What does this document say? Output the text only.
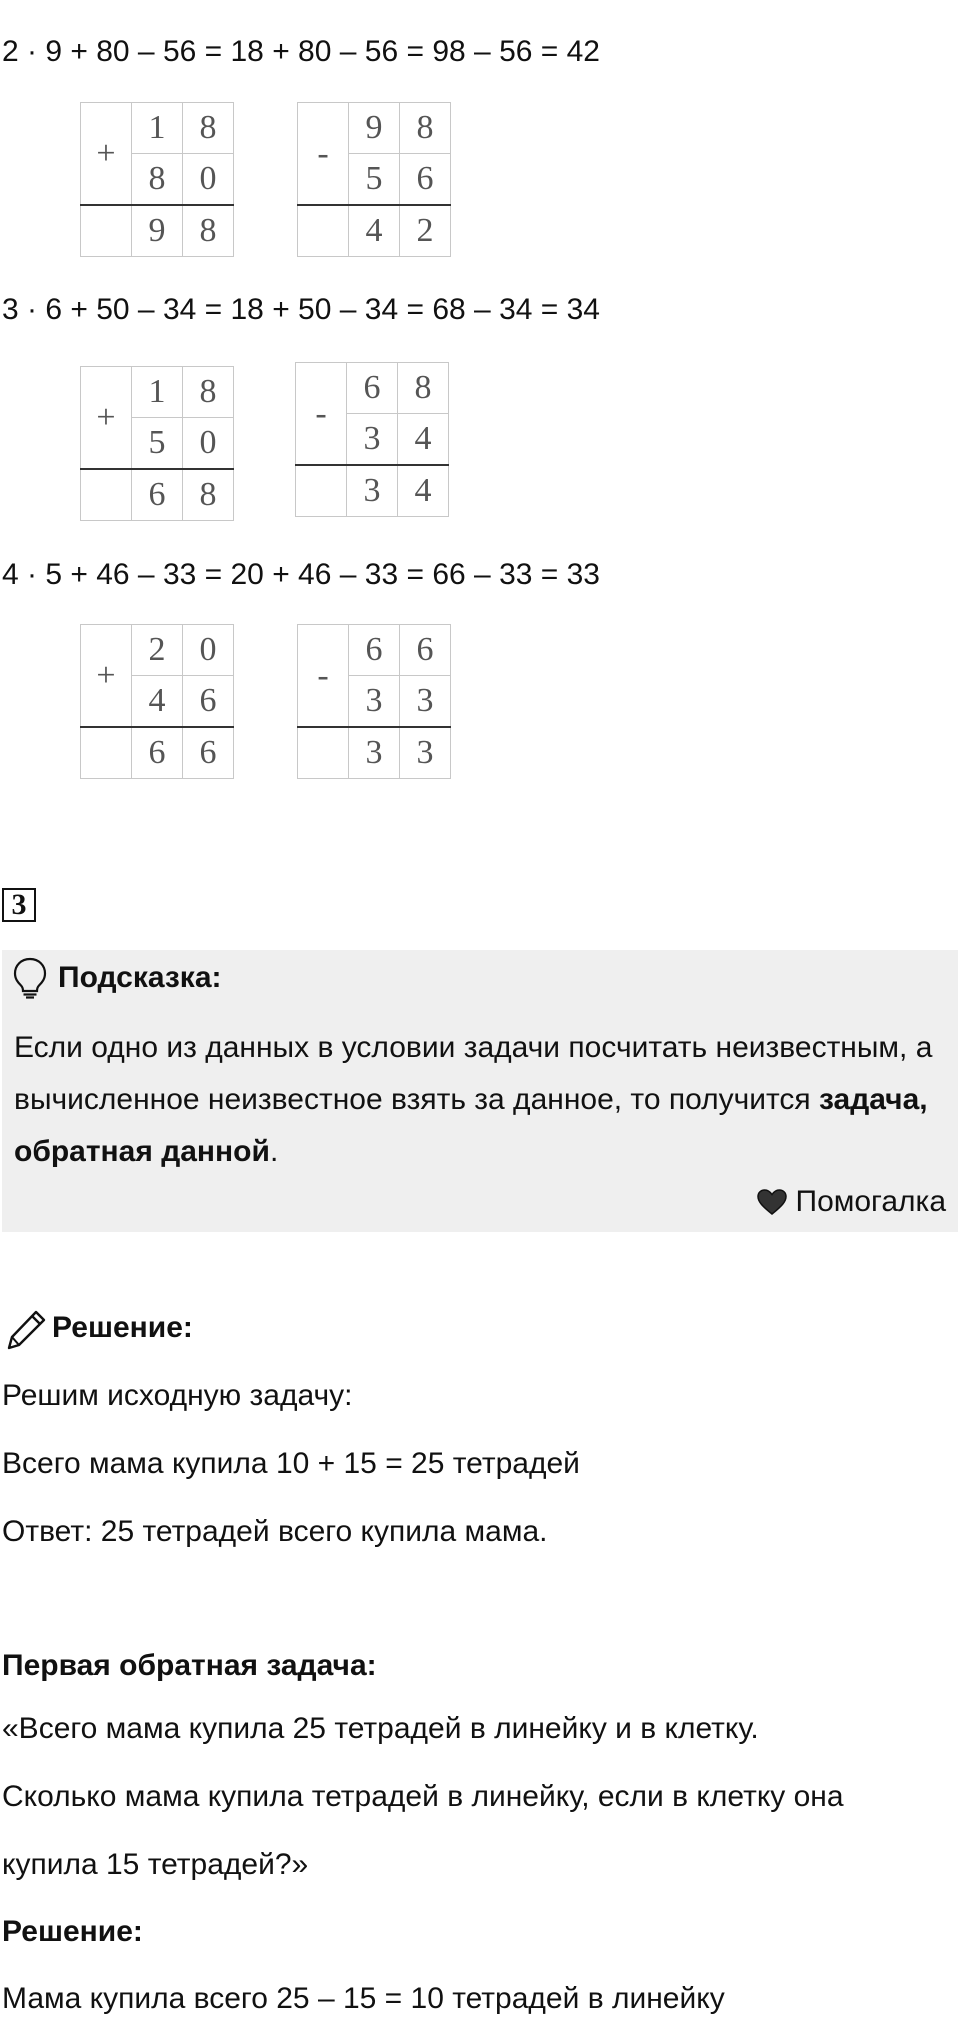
2 · 9 + 80 – 56 = 18 + 80 – 56 = 98 – 56 = 42
+	1	8
	8	0
	9	8
-	9	8
	5	6
	4	2
3 · 6 + 50 – 34 = 18 + 50 – 34 = 68 – 34 = 34
+	1	8
	5	0
	6	8
-	6	8
	3	4
	3	4
4 · 5 + 46 – 33 = 20 + 46 – 33 = 66 – 33 = 33
+	2	0
	4	6
	6	6
-	6	6
	3	3
	3	3
3
Подсказка:
Если одно из данных в условии задачи посчитать неизвестным, а вычисленное неизвестное взять за данное, то получится задача, обратная данной.
Помогалка
Решение:
Решим исходную задачу:
Всего мама купила 10 + 15 = 25 тетрадей
Ответ: 25 тетрадей всего купила мама.
Первая обратная задача:
«Всего мама купила 25 тетрадей в линейку и в клетку.
Сколько мама купила тетрадей в линейку, если в клетку она
купила 15 тетрадей?»
Решение:
Мама купила всего 25 – 15 = 10 тетрадей в линейку
